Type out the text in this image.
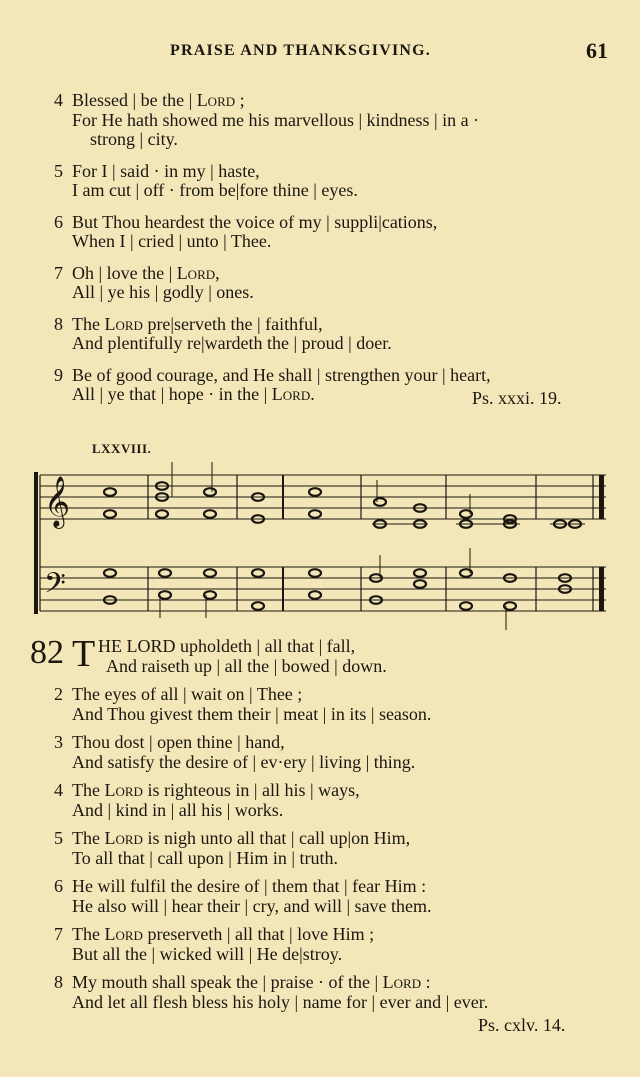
PRAISE AND THANKSGIVING.	61
4 Blessed | be the | Lord ;
For He hath showed me his marvellous | kindness | in a ·
strong | city.
5 For I | said · in my | haste,
I am cut | off · from be|fore thine | eyes.
6 But Thou heardest the voice of my | suppli|cations,
When I | cried | unto | Thee.
7 Oh | love the | Lord,
All | ye his | godly | ones.
8 The Lord pre|serveth the | faithful,
And plentifully re|wardeth the | proud | doer.
9 Be of good courage, and He shall | strengthen your | heart,
All | ye that | hope · in the | Lord.	Ps. xxxi. 19.
LXXVIII.
𝄞
𝄢
82 T HE LORD upholdeth | all that | fall,
And raiseth up | all the | bowed | down.
2 The eyes of all | wait on | Thee ;
And Thou givest them their | meat | in its | season.
3 Thou dost | open thine | hand,
And satisfy the desire of | ev·ery | living | thing.
4 The Lord is righteous in | all his | ways,
And | kind in | all his | works.
5 The Lord is nigh unto all that | call up|on Him,
To all that | call upon | Him in | truth.
6 He will fulfil the desire of | them that | fear Him :
He also will | hear their | cry, and will | save them.
7 The Lord preserveth | all that | love Him ;
But all the | wicked will | He de|stroy.
8 My mouth shall speak the | praise · of the | Lord :
And let all flesh bless his holy | name for | ever and | ever.
Ps. cxlv. 14.
